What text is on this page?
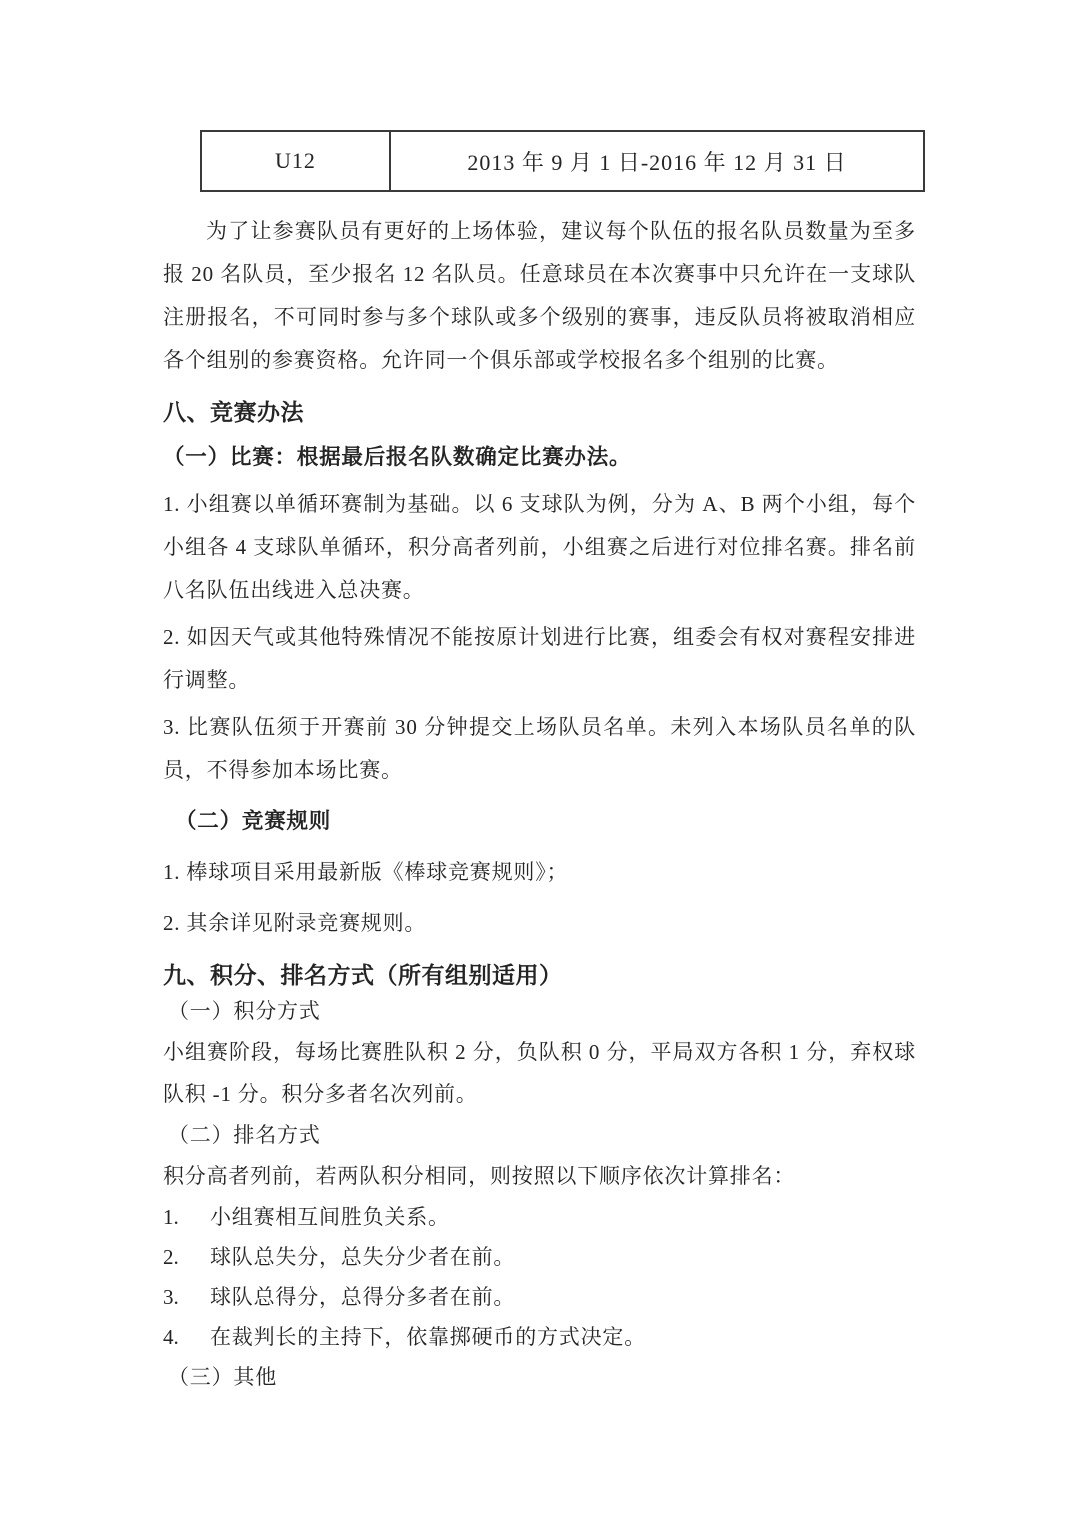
U12	2013 年 9 月 1 日-2016 年 12 月 31 日

为了让参赛队员有更好的上场体验，建议每个队伍的报名队员数量为至多报 20 名队员，至少报名 12 名队员。任意球员在本次赛事中只允许在一支球队注册报名，不可同时参与多个球队或多个级别的赛事，违反队员将被取消相应各个组别的参赛资格。允许同一个俱乐部或学校报名多个组别的比赛。

八、竞赛办法

（一）比赛：根据最后报名队数确定比赛办法。

1. 小组赛以单循环赛制为基础。以 6 支球队为例，分为 A、B 两个小组，每个小组各 4 支球队单循环，积分高者列前，小组赛之后进行对位排名赛。排名前八名队伍出线进入总决赛。

2. 如因天气或其他特殊情况不能按原计划进行比赛，组委会有权对赛程安排进行调整。

3. 比赛队伍须于开赛前 30 分钟提交上场队员名单。未列入本场队员名单的队员，不得参加本场比赛。

（二）竞赛规则

1. 棒球项目采用最新版《棒球竞赛规则》；

2. 其余详见附录竞赛规则。

九、积分、排名方式（所有组别适用）

（一）积分方式

小组赛阶段，每场比赛胜队积 2 分，负队积 0 分，平局双方各积 1 分，弃权球队积 -1 分。积分多者名次列前。

（二）排名方式

积分高者列前，若两队积分相同，则按照以下顺序依次计算排名：

1. 小组赛相互间胜负关系。

2. 球队总失分，总失分少者在前。

3. 球队总得分，总得分多者在前。

4. 在裁判长的主持下，依靠掷硬币的方式决定。

（三）其他
